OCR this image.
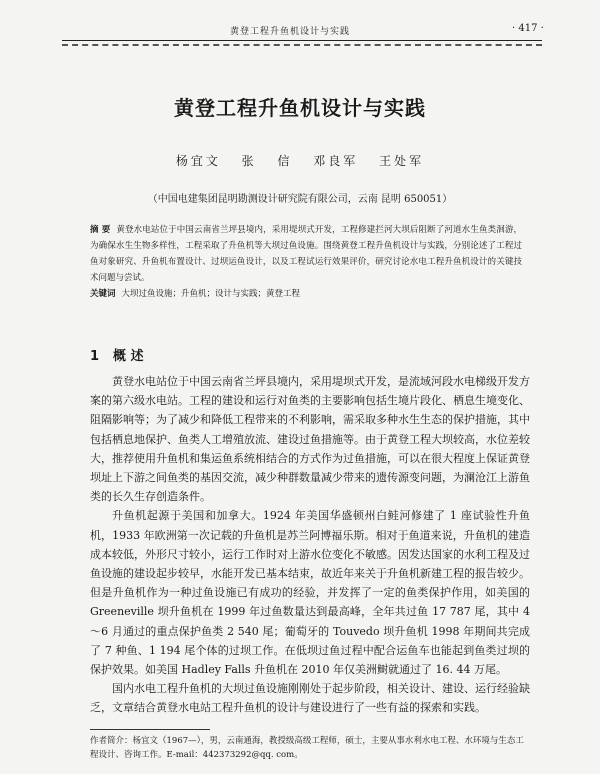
黄登工程升鱼机设计与实践	· 417 ·
黄登工程升鱼机设计与实践
杨宜文 张 信 邓良军 王处军
（中国电建集团昆明勘测设计研究院有限公司，云南 昆明 650051）

摘 要 黄登水电站位于中国云南省兰坪县境内，采用堤坝式开发，工程修建拦河大坝后阻断了河道水生鱼类洄游，为确保水生生物多样性，工程采取了升鱼机等大坝过鱼设施。围绕黄登工程升鱼机设计与实践，分别论述了工程过鱼对象研究、升鱼机布置设计、过坝运鱼设计，以及工程试运行效果评价，研究讨论水电工程升鱼机设计的关键技术问题与尝试。

关键词 大坝过鱼设施；升鱼机；设计与实践；黄登工程

1 概 述

黄登水电站位于中国云南省兰坪县境内，采用堤坝式开发，是流域河段水电梯级开发方案的第六级水电站。工程的建设和运行对鱼类的主要影响包括生境片段化、栖息生境变化、阻隔影响等；为了减少和降低工程带来的不利影响，需采取多种水生生态的保护措施，其中包括栖息地保护、鱼类人工增殖放流、建设过鱼措施等。由于黄登工程大坝较高，水位差较大，推荐使用升鱼机和集运鱼系统相结合的方式作为过鱼措施，可以在很大程度上保证黄登坝址上下游之间鱼类的基因交流，减少种群数量减少带来的遗传源变问题，为澜沧江上游鱼类的长久生存创造条件。

升鱼机起源于美国和加拿大。1924 年美国华盛顿州白鲑河修建了 1 座试验性升鱼机，1933 年欧洲第一次记载的升鱼机是苏兰阿博福乐斯。相对于鱼道来说，升鱼机的建造成本较低，外形尺寸较小，运行工作时对上游水位变化不敏感。因发达国家的水利工程及过鱼设施的建设起步较早，水能开发已基本结束，故近年来关于升鱼机新建工程的报告较少。但是升鱼机作为一种过鱼设施已有成功的经验，并发挥了一定的鱼类保护作用，如美国的 Greeneville 坝升鱼机在 1999 年过鱼数量达到最高峰，全年共过鱼 17 787 尾，其中 4～6 月通过的重点保护鱼类 2 540 尾；葡萄牙的 Touvedo 坝升鱼机 1998 年期间共完成了 7 种鱼、1 194 尾个体的过坝工作。在低坝过鱼过程中配合运鱼车也能起到鱼类过坝的保护效果。如美国 Hadley Falls 升鱼机在 2010 年仅美洲鲥就通过了 16. 44 万尾。

国内水电工程升鱼机的大坝过鱼设施刚刚处于起步阶段，相关设计、建设、运行经验缺乏，文章结合黄登水电站工程升鱼机的设计与建设进行了一些有益的探索和实践。

作者简介：杨宜文（1967—），男，云南通海，教授级高级工程师，硕士，主要从事水利水电工程、水环境与生态工程设计、咨询工作。E-mail：442373292@qq. com。
